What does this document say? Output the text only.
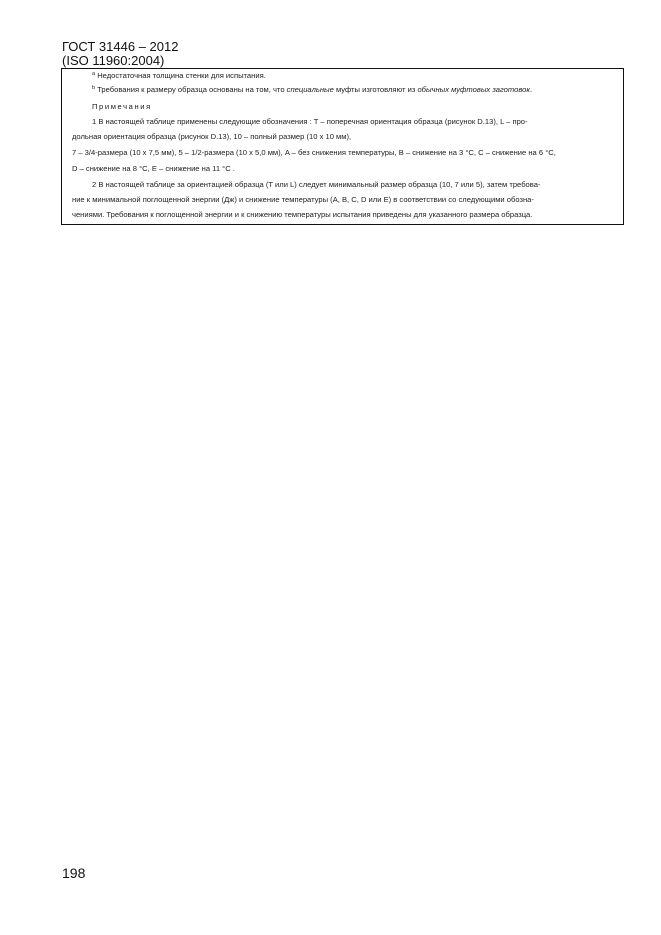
ГОСТ 31446 – 2012
(ISO 11960:2004)
$^a$ Недостаточная толщина стенки для испытания.
$^b$ Требования к размеру образца основаны на том, что специальные муфты изготовляют из обычных муфтовых заготовок.
Примечания
1 В настоящей таблице применены следующие обозначения : T – поперечная ориентация образца (рисунок D.13), L – про-
дольная ориентация образца (рисунок D.13), 10 – полный размер (10 x 10 мм),
7 – 3/4-размера (10 x 7,5 мм), 5 – 1/2-размера (10 x 5,0 мм), A – без снижения температуры, B – снижение на 3 °C, C – снижение на 6 °C,
D – снижение на 8 °C, E – снижение на 11 °C .
2 В настоящей таблице за ориентацией образца (T или L) следует минимальный размер образца (10, 7 или 5), затем требова-
ние к минимальной поглощенной энергии (Дж) и снижение температуры (A, B, C, D или E) в соответствии со следующими обозна-
чениями. Требования к поглощенной энергии и к снижению температуры испытания приведены для указанного размера образца.
198
